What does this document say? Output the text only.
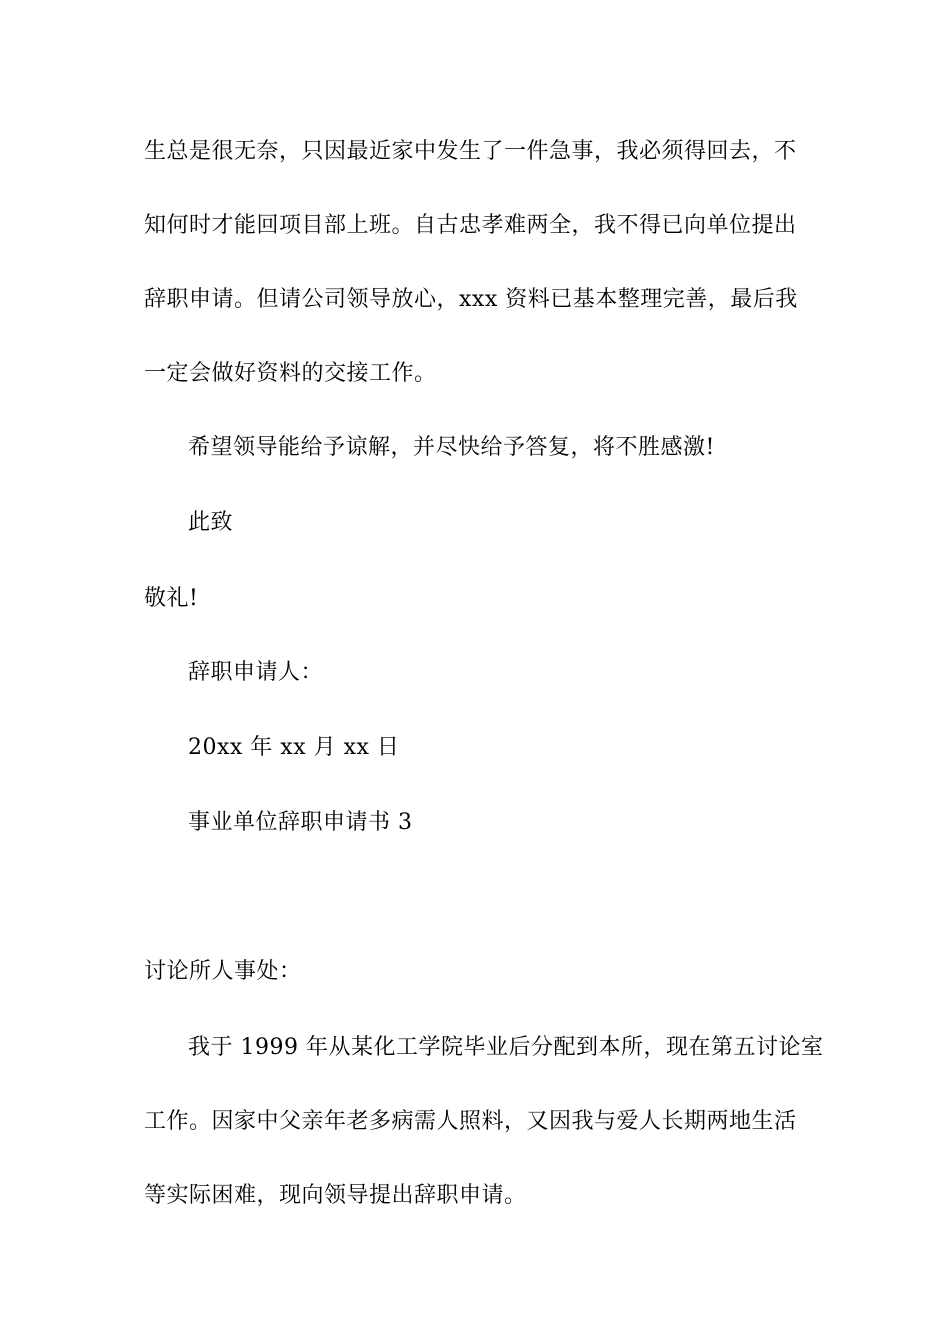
生总是很无奈，只因最近家中发生了一件急事，我必须得回去，不
知何时才能回项目部上班。自古忠孝难两全，我不得已向单位提出
辞职申请。但请公司领导放心，xxx 资料已基本整理完善，最后我
一定会做好资料的交接工作。
希望领导能给予谅解，并尽快给予答复，将不胜感激!
此致
敬礼!
辞职申请人：
20xx 年 xx 月 xx 日
事业单位辞职申请书 3
讨论所人事处：
我于 1999 年从某化工学院毕业后分配到本所，现在第五讨论室
工作。因家中父亲年老多病需人照料，又因我与爱人长期两地生活
等实际困难，现向领导提出辞职申请。
